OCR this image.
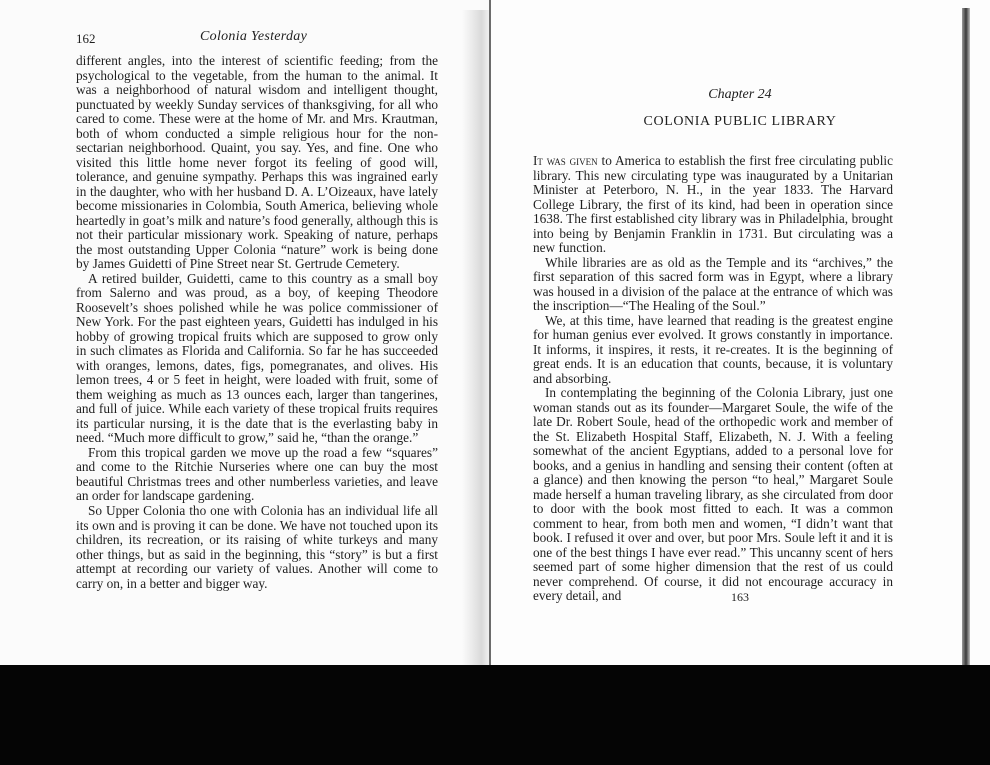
162	Colonia Yesterday

different angles, into the interest of scientific feeding; from the psychological to the vegetable, from the human to the animal. It was a neighborhood of natural wisdom and intelligent thought, punctuated by weekly Sunday services of thanksgiving, for all who cared to come. These were at the home of Mr. and Mrs. Krautman, both of whom conducted a simple religious hour for the non-sectarian neighborhood. Quaint, you say. Yes, and fine. One who visited this little home never forgot its feeling of good will, tolerance, and genuine sympathy. Perhaps this was ingrained early in the daughter, who with her husband D. A. L’Oizeaux, have lately become missionaries in Colombia, South America, believing whole heartedly in goat’s milk and nature’s food generally, although this is not their particular missionary work. Speaking of nature, perhaps the most outstanding Upper Colonia “nature” work is being done by James Guidetti of Pine Street near St. Gertrude Cemetery.

A retired builder, Guidetti, came to this country as a small boy from Salerno and was proud, as a boy, of keeping Theodore Roosevelt’s shoes polished while he was police commissioner of New York. For the past eighteen years, Guidetti has indulged in his hobby of growing tropical fruits which are supposed to grow only in such climates as Florida and California. So far he has succeeded with oranges, lemons, dates, figs, pomegranates, and olives. His lemon trees, 4 or 5 feet in height, were loaded with fruit, some of them weighing as much as 13 ounces each, larger than tangerines, and full of juice. While each variety of these tropical fruits requires its particular nursing, it is the date that is the everlasting baby in need. “Much more difficult to grow,” said he, “than the orange.”

From this tropical garden we move up the road a few “squares” and come to the Ritchie Nurseries where one can buy the most beautiful Christmas trees and other numberless varieties, and leave an order for landscape gardening.

So Upper Colonia tho one with Colonia has an individual life all its own and is proving it can be done. We have not touched upon its children, its recreation, or its raising of white turkeys and many other things, but as said in the beginning, this “story” is but a first attempt at recording our variety of values. Another will come to carry on, in a better and bigger way.

Chapter 24
COLONIA PUBLIC LIBRARY

It was given to America to establish the first free circulating public library. This new circulating type was inaugurated by a Unitarian Minister at Peterboro, N. H., in the year 1833. The Harvard College Library, the first of its kind, had been in operation since 1638. The first established city library was in Philadelphia, brought into being by Benjamin Franklin in 1731. But circulating was a new function.

While libraries are as old as the Temple and its “archives,” the first separation of this sacred form was in Egypt, where a library was housed in a division of the palace at the entrance of which was the inscription—“The Healing of the Soul.”

We, at this time, have learned that reading is the greatest engine for human genius ever evolved. It grows constantly in importance. It informs, it inspires, it rests, it re-creates. It is the beginning of great ends. It is an education that counts, because, it is voluntary and absorbing.

In contemplating the beginning of the Colonia Library, just one woman stands out as its founder—Margaret Soule, the wife of the late Dr. Robert Soule, head of the orthopedic work and member of the St. Elizabeth Hospital Staff, Elizabeth, N. J. With a feeling somewhat of the ancient Egyptians, added to a personal love for books, and a genius in handling and sensing their content (often at a glance) and then knowing the person “to heal,” Margaret Soule made herself a human traveling library, as she circulated from door to door with the book most fitted to each. It was a common comment to hear, from both men and women, “I didn’t want that book. I refused it over and over, but poor Mrs. Soule left it and it is one of the best things I have ever read.” This uncanny scent of hers seemed part of some higher dimension that the rest of us could never comprehend. Of course, it did not encourage accuracy in every detail, and	163
